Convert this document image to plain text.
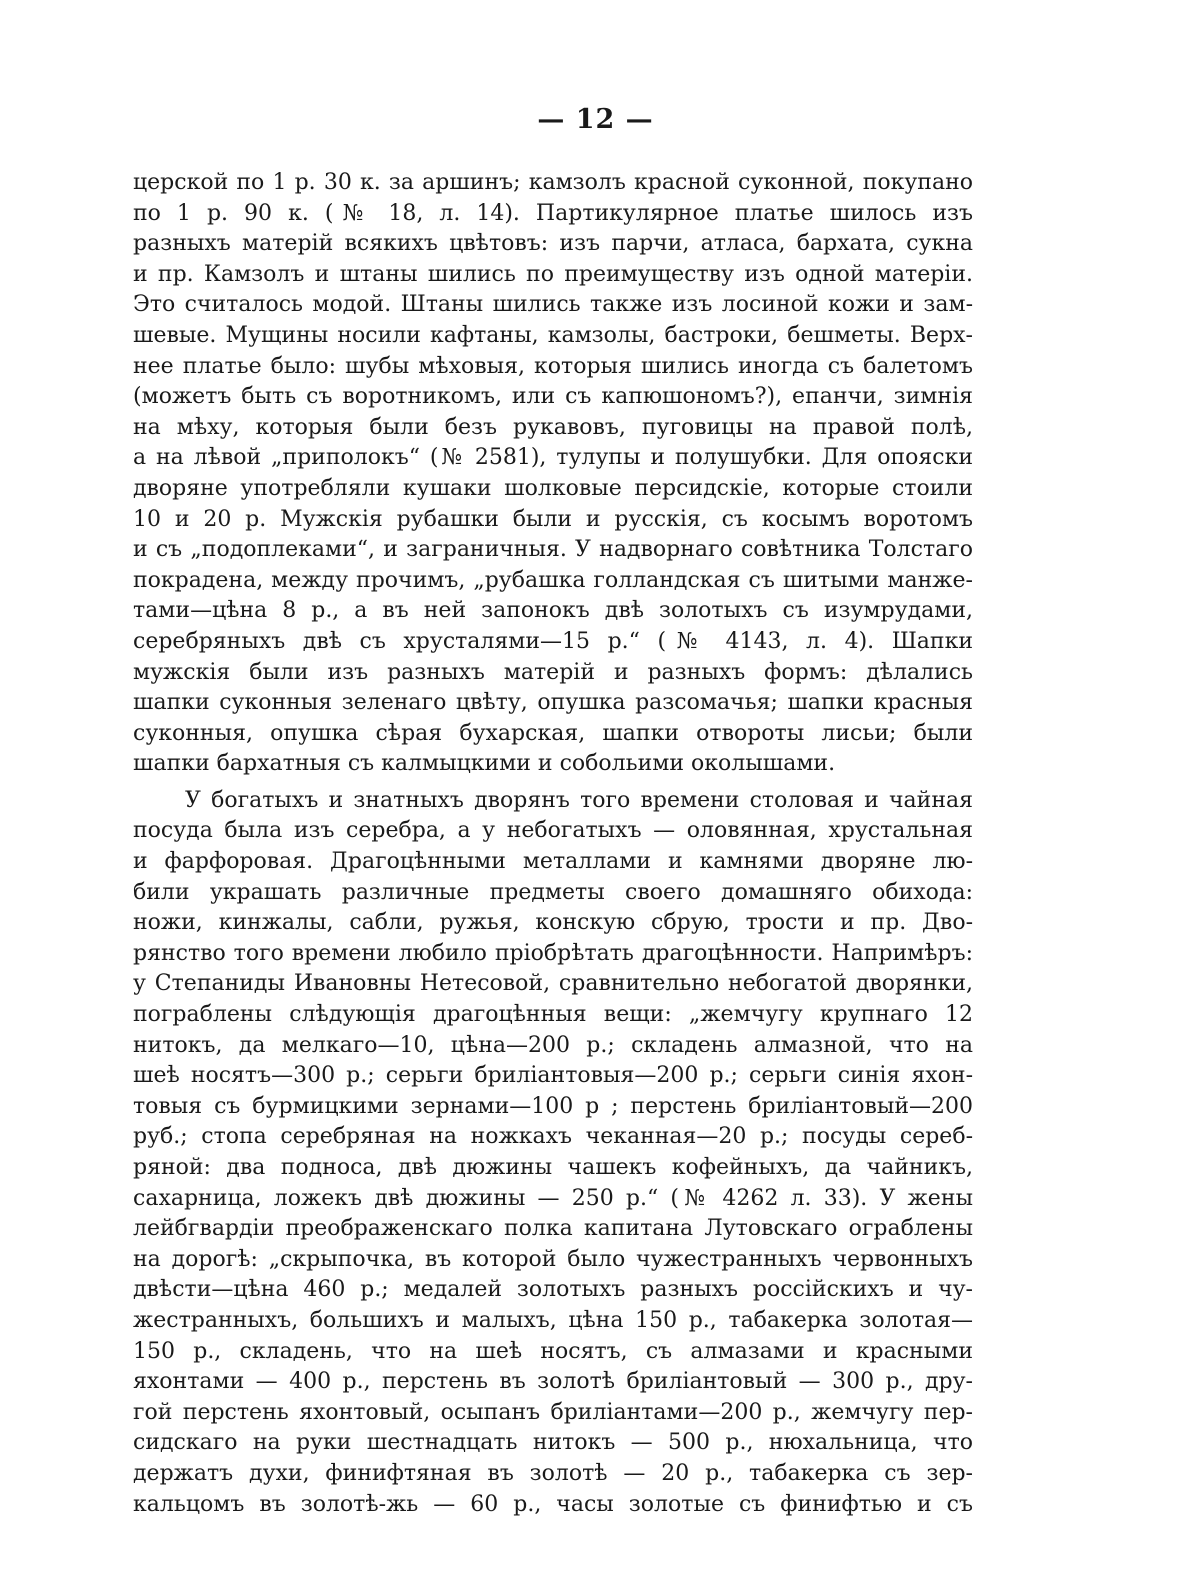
— 12 —
церской по 1 р. 30 к. за аршинъ; камзолъ красной суконной, покупано
по 1 р. 90 к. (№ 18, л. 14). Партикулярное платье шилось изъ
разныхъ матерій всякихъ цвѣтовъ: изъ парчи, атласа, бархата, сукна
и пр. Камзолъ и штаны шились по преимуществу изъ одной матеріи.
Это считалось модой. Штаны шились также изъ лосиной кожи и зам-
шевые. Мущины носили кафтаны, камзолы, бастроки, бешметы. Верх-
нее платье было: шубы мѣховыя, которыя шились иногда съ балетомъ
(можетъ быть съ воротникомъ, или съ капюшономъ?), епанчи, зимнія
на мѣху, которыя были безъ рукавовъ, пуговицы на правой полѣ,
а на лѣвой „приполокъ“ (№ 2581), тулупы и полушубки. Для опояски
дворяне употребляли кушаки шолковые персидскіе, которые стоили
10 и 20 р. Мужскія рубашки были и русскія, съ косымъ воротомъ
и съ „подоплеками“, и заграничныя. У надворнаго совѣтника Толстаго
покрадена, между прочимъ, „рубашка голландская съ шитыми манже-
тами—цѣна 8 р., а въ ней запонокъ двѣ золотыхъ съ изумрудами,
серебряныхъ двѣ съ хрусталями—15 р.“ (№ 4143, л. 4). Шапки
мужскія были изъ разныхъ матерій и разныхъ формъ: дѣлались
шапки суконныя зеленаго цвѣту, опушка разсомачья; шапки красныя
суконныя, опушка сѣрая бухарская, шапки отвороты лисьи; были
шапки бархатныя съ калмыцкими и собольими околышами.
У богатыхъ и знатныхъ дворянъ того времени столовая и чайная
посуда была изъ серебра, а у небогатыхъ — оловянная, хрустальная
и фарфоровая. Драгоцѣнными металлами и камнями дворяне лю-
били украшать различные предметы своего домашняго обихода:
ножи, кинжалы, сабли, ружья, конскую сбрую, трости и пр. Дво-
рянство того времени любило пріобрѣтать драгоцѣнности. Напримѣръ:
у Степаниды Ивановны Нетесовой, сравнительно небогатой дворянки,
пограблены слѣдующія драгоцѣнныя вещи: „жемчугу крупнаго 12
нитокъ, да мелкаго—10, цѣна—200 р.; складень алмазной, что на
шеѣ носятъ—300 р.; серьги бриліантовыя—200 р.; серьги синія яхон-
товыя съ бурмицкими зернами—100 р ; перстень бриліантовый—200
руб.; стопа серебряная на ножкахъ чеканная—20 р.; посуды сереб-
ряной: два подноса, двѣ дюжины чашекъ кофейныхъ, да чайникъ,
сахарница, ложекъ двѣ дюжины — 250 р.“ (№ 4262 л. 33). У жены
лейбгвардіи преображенскаго полка капитана Лутовскаго ограблены
на дорогѣ: „скрыпочка, въ которой было чужестранныхъ червонныхъ
двѣсти—цѣна 460 р.; медалей золотыхъ разныхъ россійскихъ и чу-
жестранныхъ, большихъ и малыхъ, цѣна 150 р., табакерка золотая—
150 р., складень, что на шеѣ носятъ, съ алмазами и красными
яхонтами — 400 р., перстень въ золотѣ бриліантовый — 300 р., дру-
гой перстень яхонтовый, осыпанъ бриліантами—200 р., жемчугу пер-
сидскаго на руки шестнадцать нитокъ — 500 р., нюхальница, что
держатъ духи, финифтяная въ золотѣ — 20 р., табакерка съ зер-
кальцомъ въ золотѣ-жь — 60 р., часы золотые съ финифтью и съ
